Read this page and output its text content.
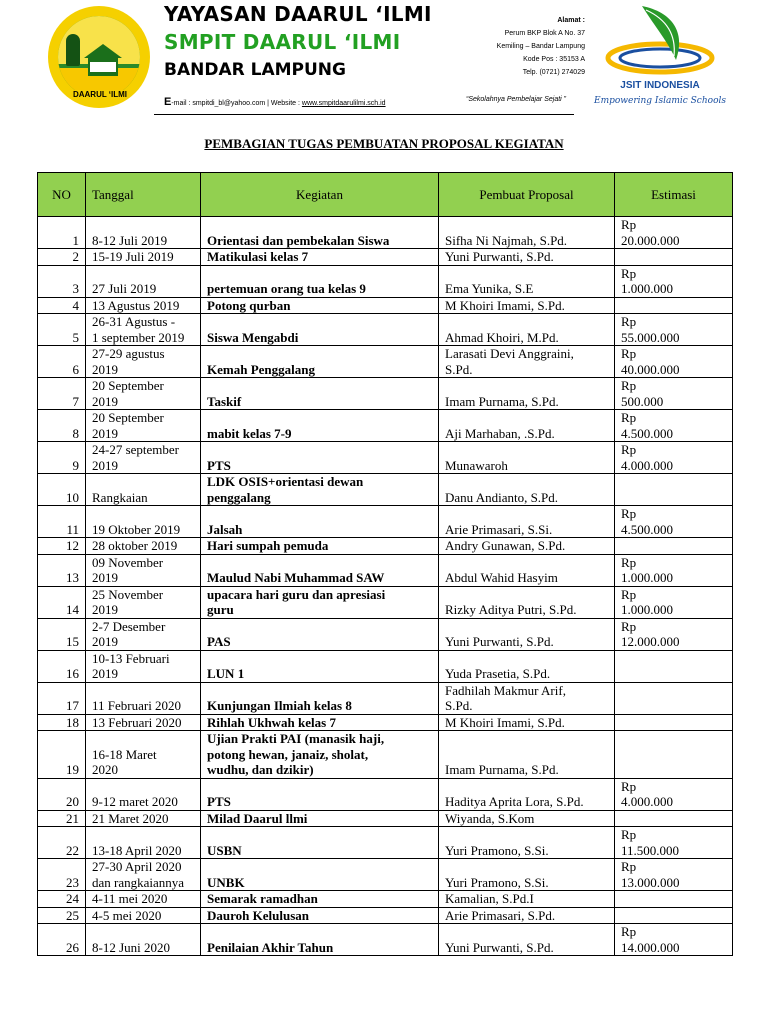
DAARUL ‘ILMI
YAYASAN DAARUL ‘ILMI
SMPIT DAARUL ‘ILMI
BANDAR LAMPUNG
E-mail : smpitdi_bl@yahoo.com | Website : www.smpitdaarulilmi.sch.id
Alamat :
Perum BKP Blok A No. 37
Kemiling – Bandar Lampung
Kode Pos : 35153 A
Telp. (0721) 274029
“Sekolahnya Pembelajar Sejati ”
JSIT INDONESIA
Empowering Islamic Schools
PEMBAGIAN TUGAS PEMBUATAN PROPOSAL KEGIATAN
NO	Tanggal	Kegiatan	Pembuat Proposal	Estimasi
1	8-12 Juli 2019	Orientasi dan pembekalan Siswa	Sifha Ni Najmah, S.Pd.	Rp
20.000.000
2	15-19 Juli 2019	Matikulasi kelas 7	Yuni Purwanti, S.Pd.	
3	27 Juli 2019	pertemuan orang tua kelas 9	Ema Yunika, S.E	Rp
1.000.000
4	13 Agustus 2019	Potong qurban	M Khoiri Imami, S.Pd.	
5	26-31 Agustus -
1 september 2019	Siswa Mengabdi	Ahmad Khoiri, M.Pd.	Rp
55.000.000
6	27-29 agustus
2019	Kemah Penggalang	Larasati Devi Anggraini,
S.Pd.	Rp
40.000.000
7	20 September
2019	Taskif	Imam Purnama, S.Pd.	Rp
500.000
8	20 September
2019	mabit kelas 7-9	Aji Marhaban, .S.Pd.	Rp
4.500.000
9	24-27 september
2019	PTS	Munawaroh	Rp
4.000.000
10	Rangkaian	LDK OSIS+orientasi dewan
penggalang	Danu Andianto, S.Pd.	
11	19 Oktober 2019	Jalsah	Arie Primasari, S.Si.	Rp
4.500.000
12	28 oktober 2019	Hari sumpah pemuda	Andry Gunawan, S.Pd.	
13	09 November
2019	Maulud Nabi Muhammad SAW	Abdul Wahid Hasyim	Rp
1.000.000
14	25 November
2019	upacara hari guru dan apresiasi
guru	Rizky Aditya Putri, S.Pd.	Rp
1.000.000
15	2-7 Desember
2019	PAS	Yuni Purwanti, S.Pd.	Rp
12.000.000
16	10-13 Februari
2019	LUN 1	Yuda Prasetia, S.Pd.	
17	11 Februari 2020	Kunjungan Ilmiah kelas 8	Fadhilah Makmur Arif,
S.Pd.	
18	13 Februari 2020	Rihlah Ukhwah kelas 7	M Khoiri Imami, S.Pd.	
19	16-18 Maret
2020	Ujian Prakti PAI (manasik haji,
potong hewan, janaiz, sholat,
wudhu, dan dzikir)	Imam Purnama, S.Pd.	
20	9-12 maret 2020	PTS	Haditya Aprita Lora, S.Pd.	Rp
4.000.000
21	21 Maret 2020	Milad Daarul llmi	Wiyanda, S.Kom	
22	13-18 April 2020	USBN	Yuri Pramono, S.Si.	Rp
11.500.000
23	27-30 April 2020
dan rangkaiannya	UNBK	Yuri Pramono, S.Si.	Rp
13.000.000
24	4-11 mei 2020	Semarak ramadhan	Kamalian, S.Pd.I	
25	4-5 mei 2020	Dauroh Kelulusan	Arie Primasari, S.Pd.	
26	8-12 Juni 2020	Penilaian Akhir Tahun	Yuni Purwanti, S.Pd.	Rp
14.000.000
